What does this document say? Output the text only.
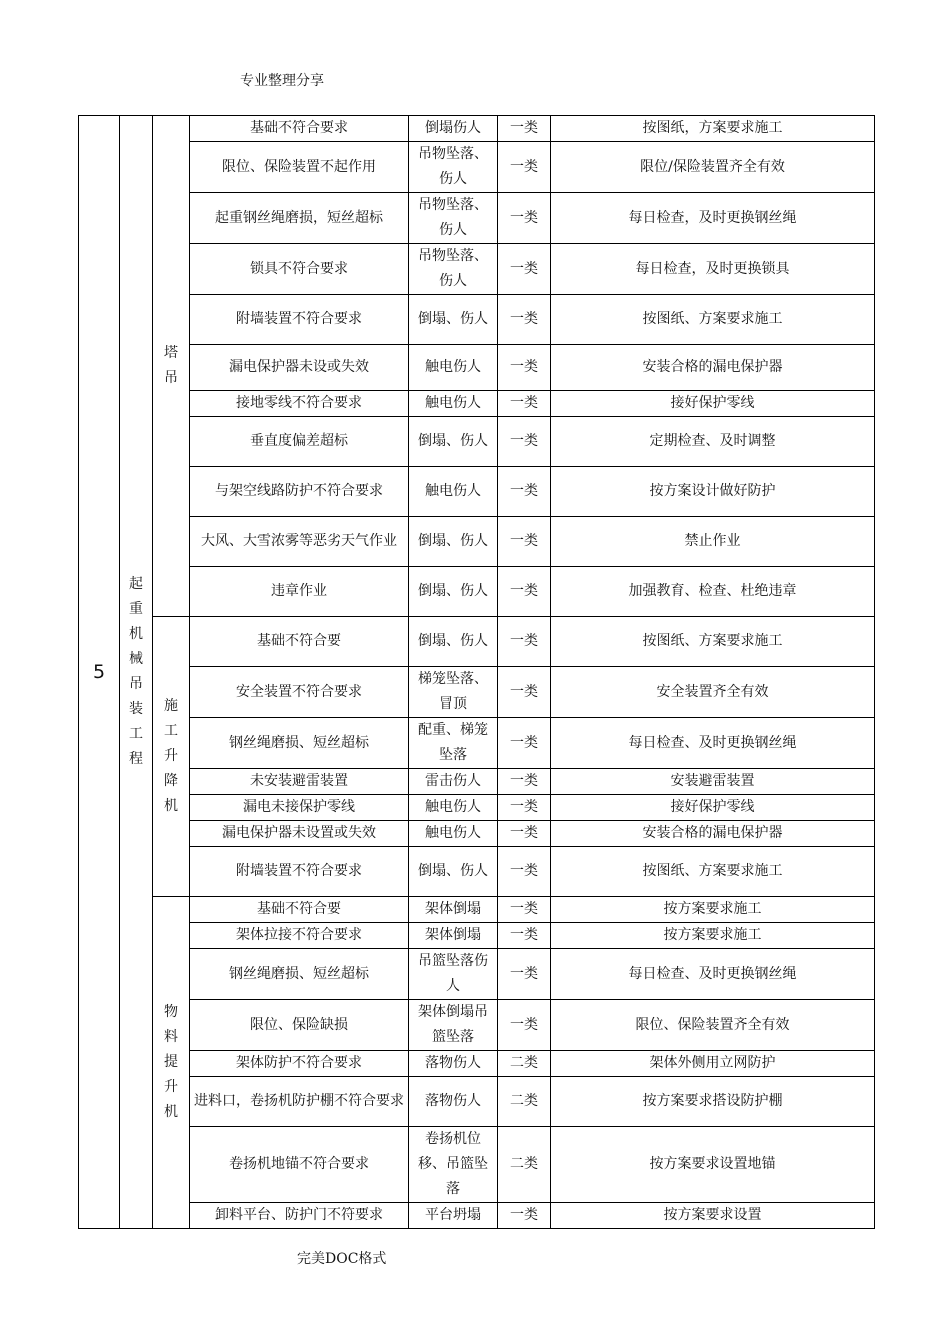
专业整理分享
5	起重机械吊装工程	塔吊	基础不符合要求	倒塌伤人	一类	按图纸，方案要求施工
			限位、保险装置不起作用	吊物坠落、伤人	一类	限位/保险装置齐全有效
			起重钢丝绳磨损，短丝超标	吊物坠落、伤人	一类	每日检查，及时更换钢丝绳
			锁具不符合要求	吊物坠落、伤人	一类	每日检查，及时更换锁具
			附墙装置不符合要求	倒塌、伤人	一类	按图纸、方案要求施工
			漏电保护器未设或失效	触电伤人	一类	安装合格的漏电保护器
			接地零线不符合要求	触电伤人	一类	接好保护零线
			垂直度偏差超标	倒塌、伤人	一类	定期检查、及时调整
			与架空线路防护不符合要求	触电伤人	一类	按方案设计做好防护
			大风、大雪浓雾等恶劣天气作业	倒塌、伤人	一类	禁止作业
			违章作业	倒塌、伤人	一类	加强教育、检查、杜绝违章

		施工升降机	基础不符合要	倒塌、伤人	一类	按图纸、方案要求施工
			安全装置不符合要求	梯笼坠落、冒顶	一类	安全装置齐全有效
			钢丝绳磨损、短丝超标	配重、梯笼坠落	一类	每日检查、及时更换钢丝绳
			未安装避雷装置	雷击伤人	一类	安装避雷装置
			漏电未接保护零线	触电伤人	一类	接好保护零线
			漏电保护器未设置或失效	触电伤人	一类	安装合格的漏电保护器
			附墙装置不符合要求	倒塌、伤人	一类	按图纸、方案要求施工

		物料提升机	基础不符合要	架体倒塌	一类	按方案要求施工
			架体拉接不符合要求	架体倒塌	一类	按方案要求施工
			钢丝绳磨损、短丝超标	吊篮坠落伤人	一类	每日检查、及时更换钢丝绳
			限位、保险缺损	架体倒塌吊篮坠落	一类	限位、保险装置齐全有效
			架体防护不符合要求	落物伤人	二类	架体外侧用立网防护
			进料口，卷扬机防护棚不符合要求	落物伤人	二类	按方案要求搭设防护棚
			卷扬机地锚不符合要求	卷扬机位移、吊篮坠落	二类	按方案要求设置地锚
			卸料平台、防护门不符要求	平台坍塌	一类	按方案要求设置
完美DOC格式
